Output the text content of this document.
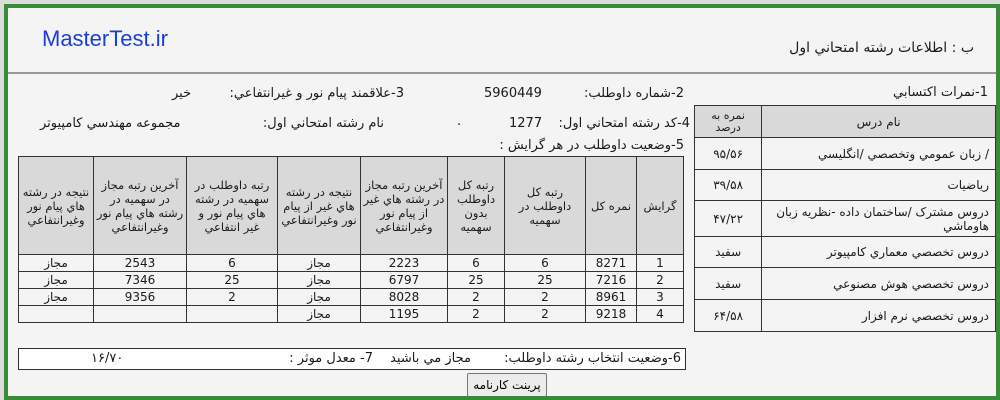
MasterTest.ir	ب : اطلاعات رشته امتحاني اول
2-شماره داوطلب:
5960449
3-علاقمند پيام نور و غيرانتفاعي:
خير
4-کد رشته امتحاني اول:
1277
.
نام رشته امتحاني اول:
مجموعه مهندسي کامپيوتر
5-وضعيت داوطلب در هر گرايش :
1-نمرات اکتسابي
نام درس	نمره به درصد
/ زبان عمومي وتخصصي /انگليسي	۹۵/۵۶
رياضيات	۳۹/۵۸
دروس مشترک /ساختمان داده -نظريه زبان هاوماشي	۴۷/۲۲
دروس تخصصي معماري کامپيوتر	سفيد
دروس تخصصي هوش مصنوعي	سفيد
دروس تخصصي نرم افزار	۶۴/۵۸
گرايش	نمره کل	رتبه کل داوطلب در سهميه	رتبه کل داوطلب بدون سهميه	آخرين رتبه مجاز در رشته هاي غير از پيام نور وغيرانتفاعي	نتيجه در رشته هاي غير از پيام نور وغيرانتفاعي	رتبه داوطلب در سهميه در رشته هاي پيام نور و غير انتفاعي	آخرين رتبه مجاز در سهميه در رشته هاي پيام نور وغيرانتفاعي	نتيجه در رشته هاي پيام نور وغيرانتفاعي
1	8271	6	6	2223	مجاز	6	2543	مجاز
2	7216	25	25	6797	مجاز	25	7346	مجاز
3	8961	2	2	8028	مجاز	2	9356	مجاز
4	9218	2	2	1195	مجاز			
6-وضعيت انتخاب رشته داوطلب:
مجاز مي باشيد
7- معدل موثر :
۱۶/۷۰
پرينت کارنامه
